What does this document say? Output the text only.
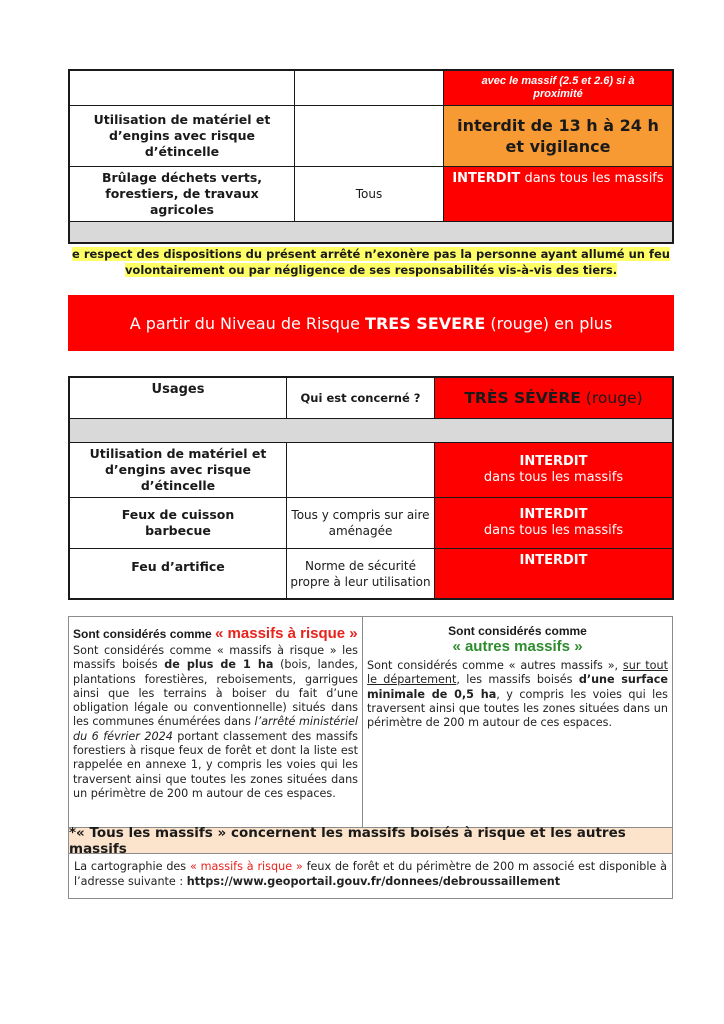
avec le massif (2.5 et 2.6) si à proximité
Utilisation de matériel et d’engins avec risque d’étincelle
interdit de 13 h à 24 h et vigilance
Brûlage déchets verts, forestiers, de travaux agricoles
Tous
INTERDIT dans tous les massifs
e respect des dispositions du présent arrêté n’exonère pas la personne ayant allumé un feu
volontairement ou par négligence de ses responsabilités vis-à-vis des tiers.
A partir du Niveau de Risque TRES SEVERE (rouge) en plus
Usages
Qui est concerné ?	TRÈS SÉVÈRE (rouge)
Utilisation de matériel et d’engins avec risque d’étincelle
INTERDIT
dans tous les massifs
Feux de cuisson barbecue
Tous y compris sur aire aménagée
INTERDIT
dans tous les massifs
Feu d’artifice	Norme de sécurité propre à leur utilisation
INTERDIT
Sont considérés comme « massifs à risque »
Sont considérés comme « massifs à risque » les massifs boisés de plus de 1 ha (bois, landes, plantations forestières, reboisements, garrigues ainsi que les terrains à boiser du fait d’une obligation légale ou conventionnelle) situés dans les communes énumérées dans l’arrêté ministériel du 6 février 2024 portant classement des massifs forestiers à risque feux de forêt et dont la liste est rappelée en annexe 1, y compris les voies qui les traversent ainsi que toutes les zones situées dans un périmètre de 200 m autour de ces espaces.
Sont considérés comme
« autres massifs »
Sont considérés comme « autres massifs », sur tout le département, les massifs boisés d’une surface minimale de 0,5 ha, y compris les voies qui les traversent ainsi que toutes les zones situées dans un périmètre de 200 m autour de ces espaces.
*« Tous les massifs » concernent les massifs boisés à risque et les autres massifs
La cartographie des « massifs à risque » feux de forêt et du périmètre de 200 m associé est disponible à l’adresse suivante : https://www.geoportail.gouv.fr/donnees/debroussaillement
